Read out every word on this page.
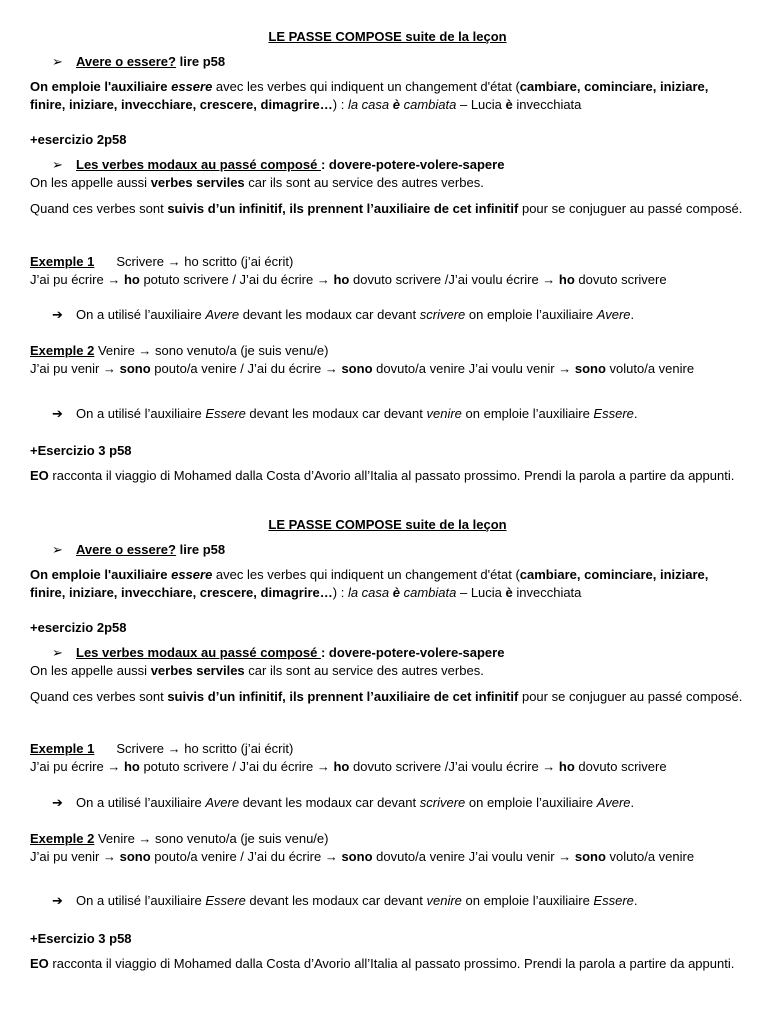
LE PASSE COMPOSE suite de la leçon

➢ Avere o essere? lire p58

On emploie l'auxiliaire essere avec les verbes qui indiquent un changement d'état (cambiare, cominciare, iniziare, finire, iniziare, invecchiare, crescere, dimagrire…) : la casa è cambiata – Lucia è invecchiata

+esercizio 2p58

➢ Les verbes modaux au passé composé : dovere-potere-volere-sapere

On les appelle aussi verbes serviles car ils sont au service des autres verbes.

Quand ces verbes sont suivis d’un infinitif, ils prennent l’auxiliaire de cet infinitif pour se conjuguer au passé composé.

Exemple 1 Scrivere → ho scritto (j’ai écrit)
J’ai pu écrire → ho potuto scrivere / J’ai du écrire → ho dovuto scrivere /J’ai voulu écrire → ho dovuto scrivere

➔ On a utilisé l’auxiliaire Avere devant les modaux car devant scrivere on emploie l’auxiliaire Avere.

Exemple 2 Venire → sono venuto/a (je suis venu/e)
J’ai pu venir → sono pouto/a venire / J’ai du écrire → sono dovuto/a venire J’ai voulu venir → sono voluto/a venire

➔ On a utilisé l’auxiliaire Essere devant les modaux car devant venire on emploie l’auxiliaire Essere.

+Esercizio 3 p58

EO racconta il viaggio di Mohamed dalla Costa d’Avorio all’Italia al passato prossimo. Prendi la parola a partire da appunti.

LE PASSE COMPOSE suite de la leçon

➢ Avere o essere? lire p58

On emploie l'auxiliaire essere avec les verbes qui indiquent un changement d'état (cambiare, cominciare, iniziare, finire, iniziare, invecchiare, crescere, dimagrire…) : la casa è cambiata – Lucia è invecchiata

+esercizio 2p58

➢ Les verbes modaux au passé composé : dovere-potere-volere-sapere

On les appelle aussi verbes serviles car ils sont au service des autres verbes.

Quand ces verbes sont suivis d’un infinitif, ils prennent l’auxiliaire de cet infinitif pour se conjuguer au passé composé.

Exemple 1 Scrivere → ho scritto (j’ai écrit)
J’ai pu écrire → ho potuto scrivere / J’ai du écrire → ho dovuto scrivere /J’ai voulu écrire → ho dovuto scrivere

➔ On a utilisé l’auxiliaire Avere devant les modaux car devant scrivere on emploie l’auxiliaire Avere.

Exemple 2 Venire → sono venuto/a (je suis venu/e)
J’ai pu venir → sono pouto/a venire / J’ai du écrire → sono dovuto/a venire J’ai voulu venir → sono voluto/a venire

➔ On a utilisé l’auxiliaire Essere devant les modaux car devant venire on emploie l’auxiliaire Essere.

+Esercizio 3 p58

EO racconta il viaggio di Mohamed dalla Costa d’Avorio all’Italia al passato prossimo. Prendi la parola a partire da appunti.
